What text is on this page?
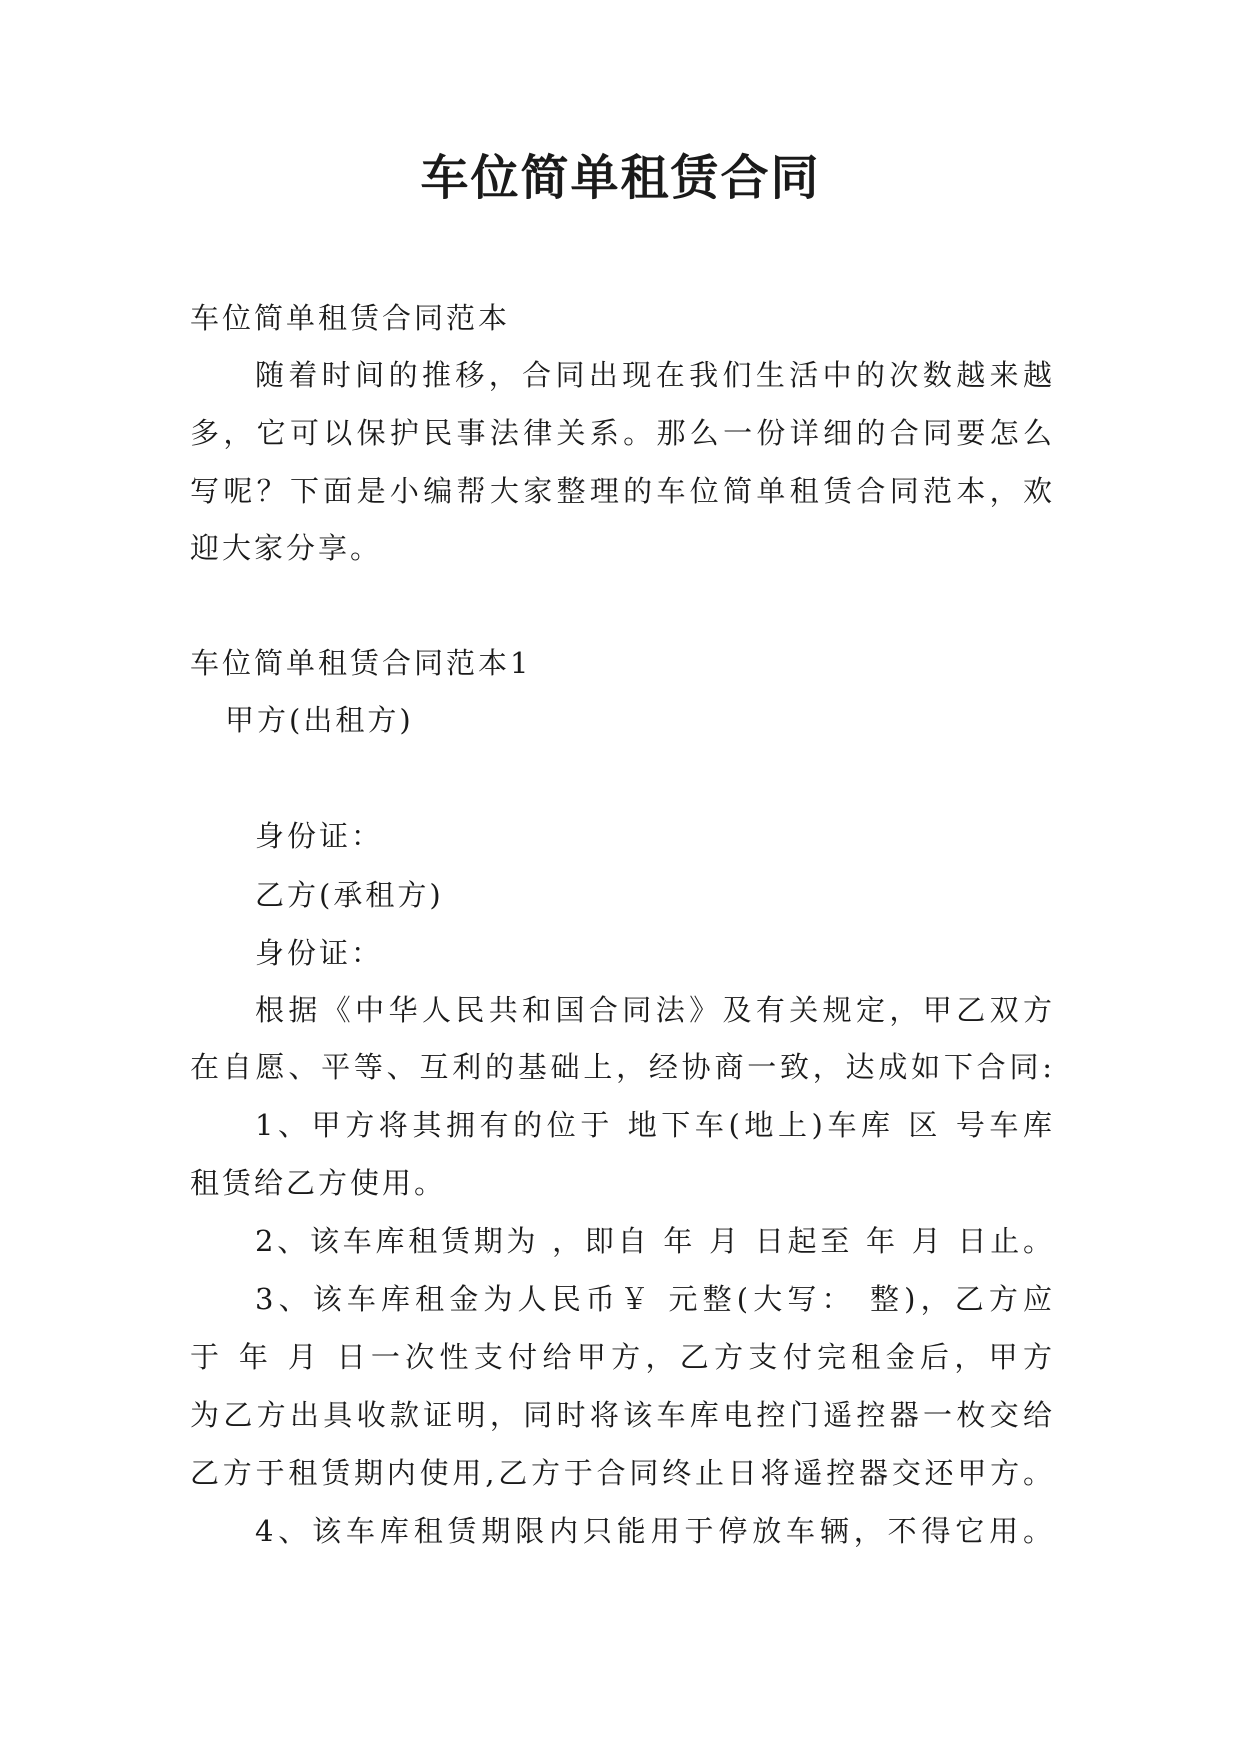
车位简单租赁合同

车位简单租赁合同范本

随着时间的推移，合同出现在我们生活中的次数越来越

多，它可以保护民事法律关系。那么一份详细的合同要怎么

写呢？下面是小编帮大家整理的车位简单租赁合同范本，欢

迎大家分享。

车位简单租赁合同范本1

甲方(出租方)

身份证：

乙方(承租方)

身份证：

根据《中华人民共和国合同法》及有关规定，甲乙双方

在自愿、平等、互利的基础上，经协商一致，达成如下合同:

1、甲方将其拥有的位于 地下车(地上)车库 区 号车库

租赁给乙方使用。

2、该车库租赁期为 ，即自 年 月 日起至 年 月 日止。

3、该车库租金为人民币￥ 元整(大写： 整)，乙方应

于 年 月 日一次性支付给甲方，乙方支付完租金后，甲方

为乙方出具收款证明，同时将该车库电控门遥控器一枚交给

乙方于租赁期内使用,乙方于合同终止日将遥控器交还甲方。

4、该车库租赁期限内只能用于停放车辆，不得它用。
